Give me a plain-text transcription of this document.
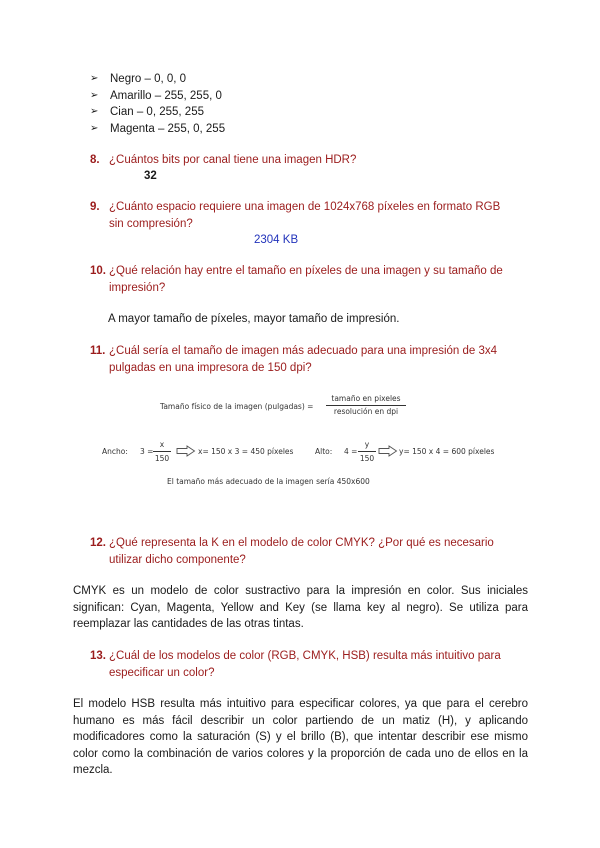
➢	Negro – 0, 0, 0
➢	Amarillo – 255, 255, 0
➢	Cian – 0, 255, 255
➢	Magenta – 255, 0, 255
8. ¿Cuántos bits por canal tiene una imagen HDR?
32
9. ¿Cuánto espacio requiere una imagen de 1024x768 píxeles en formato RGB
sin compresión?
2304 KB
10. ¿Qué relación hay entre el tamaño en píxeles de una imagen y su tamaño de
impresión?
A mayor tamaño de píxeles, mayor tamaño de impresión.
11. ¿Cuál sería el tamaño de imagen más adecuado para una impresión de 3x4
pulgadas en una impresora de 150 dpi?
Tamaño físico de la imagen (pulgadas) =
tamaño en pixeles
resolución en dpi
Ancho: 3 =
x
150
x= 150 x 3 = 450 píxeles	Alto: 4 =
y
150
y= 150 x 4 = 600 píxeles
El tamaño más adecuado de la imagen sería 450x600
12. ¿Qué representa la K en el modelo de color CMYK? ¿Por qué es necesario
utilizar dicho componente?
CMYK es un modelo de color sustractivo para la impresión en color. Sus iniciales significan: Cyan, Magenta, Yellow and Key (se llama key al negro). Se utiliza para reemplazar las cantidades de las otras tintas.
13. ¿Cuál de los modelos de color (RGB, CMYK, HSB) resulta más intuitivo para
especificar un color?
El modelo HSB resulta más intuitivo para especificar colores, ya que para el cerebro humano es más fácil describir un color partiendo de un matiz (H), y aplicando modificadores como la saturación (S) y el brillo (B), que intentar describir ese mismo color como la combinación de varios colores y la proporción de cada uno de ellos en la mezcla.
